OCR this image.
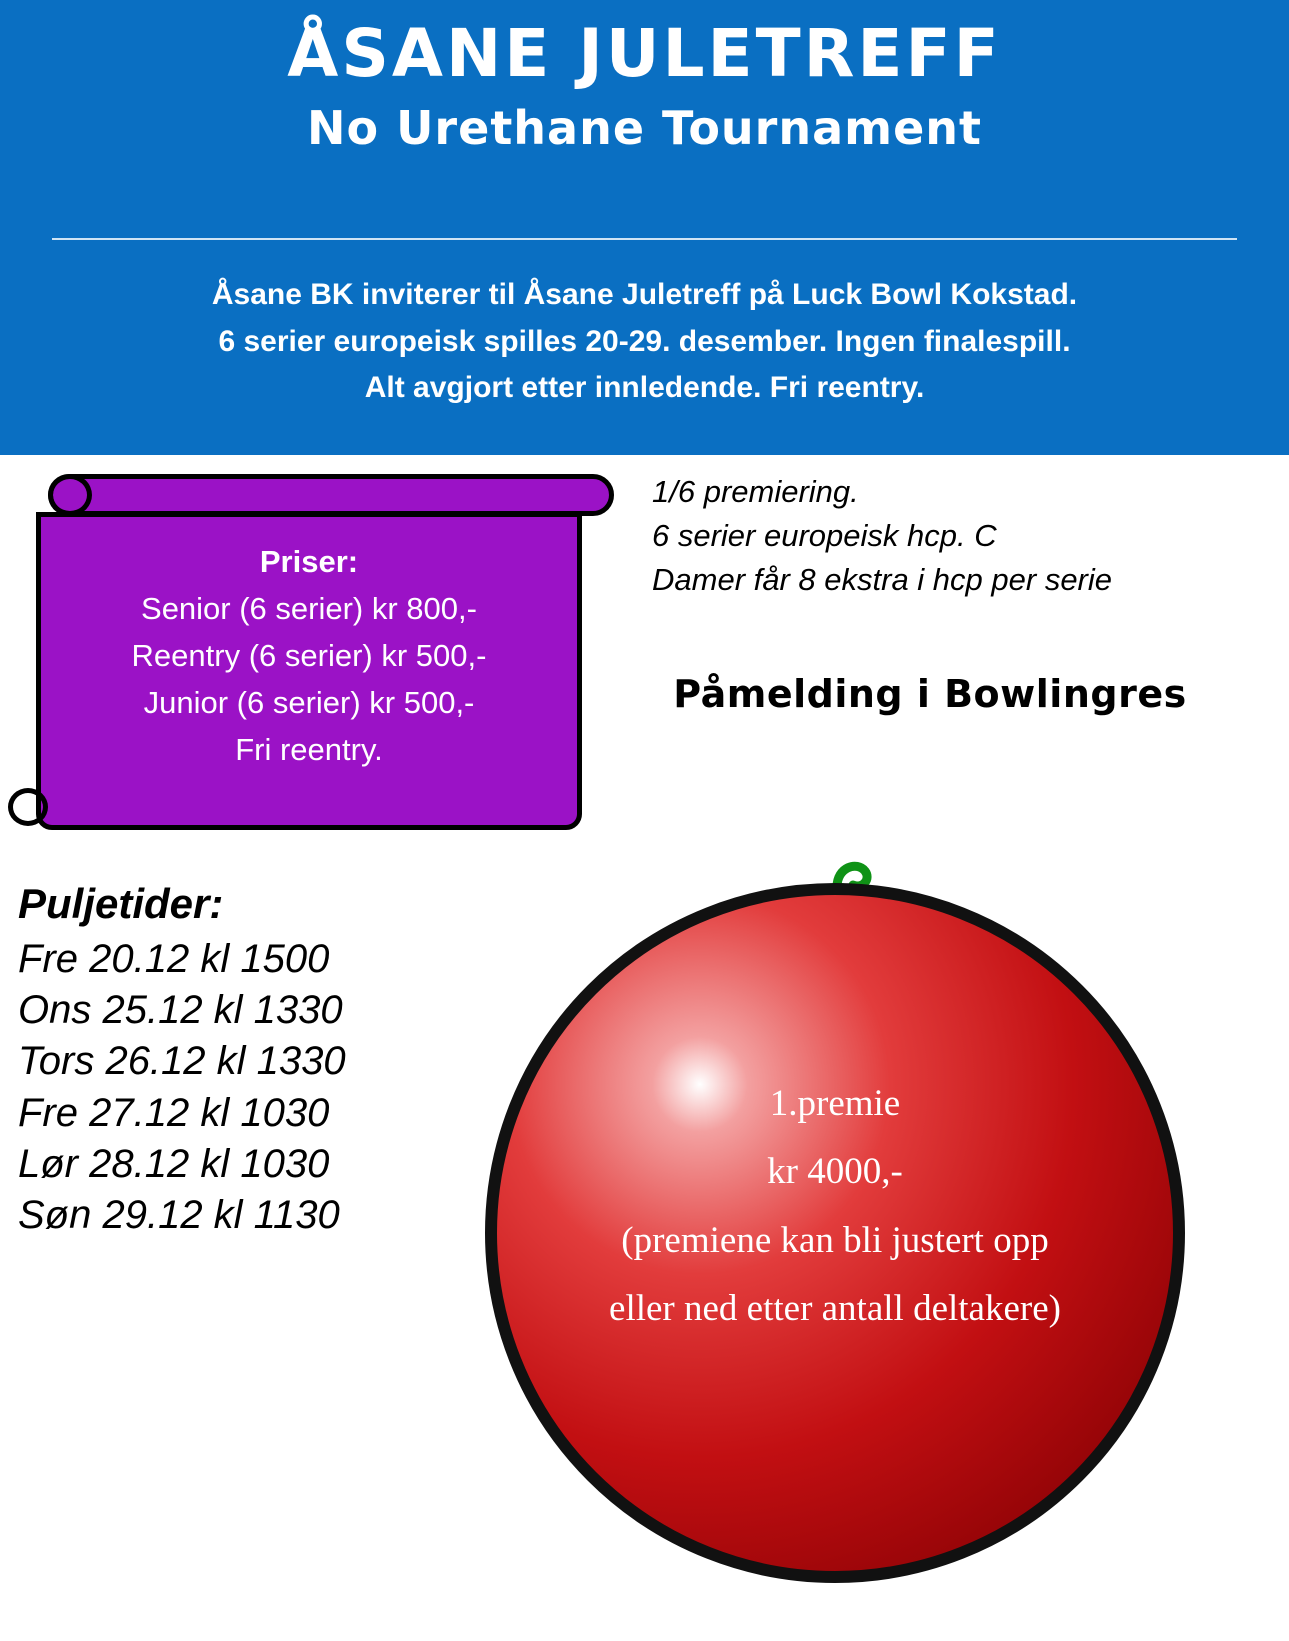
ÅSANE JULETREFF
No Urethane Tournament
Åsane BK inviterer til Åsane Juletreff på Luck Bowl Kokstad.
6 serier europeisk spilles 20-29. desember. Ingen finalespill.
Alt avgjort etter innledende. Fri reentry.
Priser:
Senior (6 serier) kr 800,-
Reentry (6 serier) kr 500,-
Junior (6 serier) kr 500,-
Fri reentry.
1/6 premiering.
6 serier europeisk hcp. C
Damer får 8 ekstra i hcp per serie
Påmelding i Bowlingres
Puljetider:
Fre 20.12 kl 1500
Ons 25.12 kl 1330
Tors 26.12 kl 1330
Fre 27.12 kl 1030
Lør 28.12 kl 1030
Søn 29.12 kl 1130
1.premie
kr 4000,-
(premiene kan bli justert opp
eller ned etter antall deltakere)
